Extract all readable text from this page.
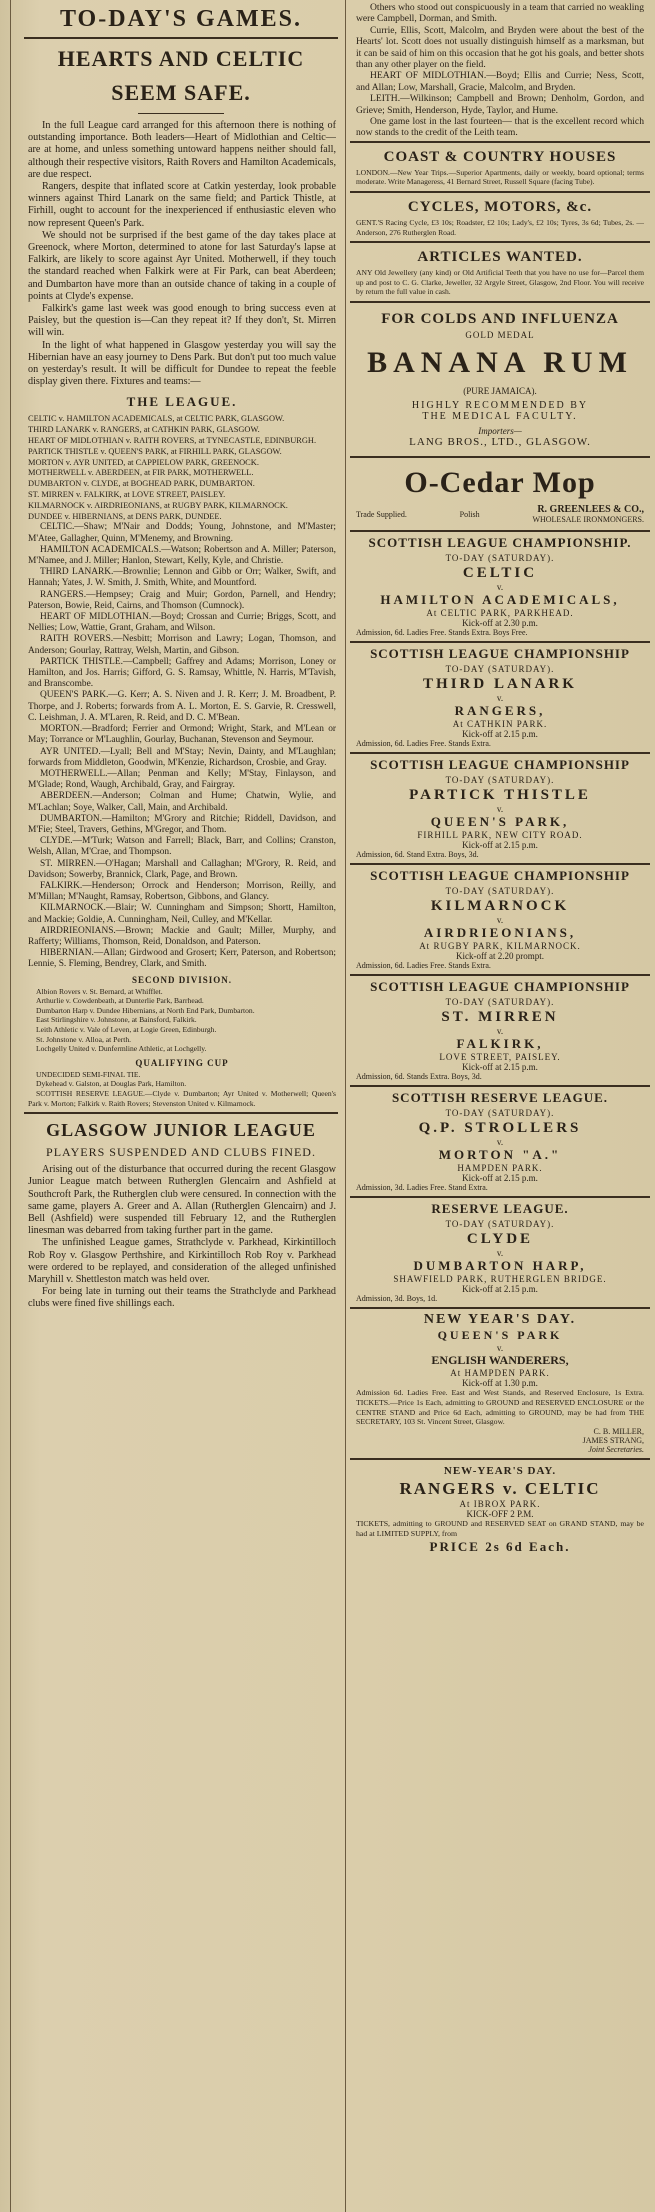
TO-DAY'S GAMES.
HEARTS AND CELTIC
SEEM SAFE.

In the full League card arranged for this afternoon there is nothing of outstanding importance. Both leaders—Heart of Midlothian and Celtic—are at home, and unless something untoward happens neither should fall, although their respective visitors, Raith Rovers and Hamilton Academicals, are due respect.

Rangers, despite that inflated score at Catkin yesterday, look probable winners against Third Lanark on the same field; and Partick Thistle, at Firhill, ought to account for the inexperienced if enthusiastic eleven who now represent Queen's Park.

We should not be surprised if the best game of the day takes place at Greenock, where Morton, determined to atone for last Saturday's lapse at Falkirk, are likely to score against Ayr United. Motherwell, if they touch the standard reached when Falkirk were at Fir Park, can beat Aberdeen; and Dumbarton have more than an outside chance of taking in a couple of points at Clyde's expense.

Falkirk's game last week was good enough to bring success even at Paisley, but the question is—Can they repeat it? If they don't, St. Mirren will win.

In the light of what happened in Glasgow yesterday you will say the Hibernian have an easy journey to Dens Park. But don't put too much value on yesterday's result. It will be difficult for Dundee to repeat the feeble display given there. Fixtures and teams:—

THE LEAGUE.

CELTIC v. HAMILTON ACADEMICALS, at CELTIC PARK, GLASGOW.

THIRD LANARK v. RANGERS, at CATHKIN PARK, GLASGOW.

HEART OF MIDLOTHIAN v. RAITH ROVERS, at TYNECASTLE, EDINBURGH.

PARTICK THISTLE v. QUEEN'S PARK, at FIRHILL PARK, GLASGOW.

MORTON v. AYR UNITED, at CAPPIELOW PARK, GREENOCK.

MOTHERWELL v. ABERDEEN, at FIR PARK, MOTHERWELL.

DUMBARTON v. CLYDE, at BOGHEAD PARK, DUMBARTON.

ST. MIRREN v. FALKIRK, at LOVE STREET, PAISLEY.

KILMARNOCK v. AIRDRIEONIANS, at RUGBY PARK, KILMARNOCK.

DUNDEE v. HIBERNIANS, at DENS PARK, DUNDEE.

CELTIC.—Shaw; M'Nair and Dodds; Young, Johnstone, and M'Master; M'Atee, Gallagher, Quinn, M'Menemy, and Browning.

HAMILTON ACADEMICALS.—Watson; Robertson and A. Miller; Paterson, M'Namee, and J. Miller; Hanlon, Stewart, Kelly, Kyle, and Christie.

THIRD LANARK.—Brownlie; Lennon and Gibb or Orr; Walker, Swift, and Hannah; Yates, J. W. Smith, J. Smith, White, and Mountford.

RANGERS.—Hempsey; Craig and Muir; Gordon, Parnell, and Hendry; Paterson, Bowie, Reid, Cairns, and Thomson (Cumnock).

HEART OF MIDLOTHIAN.—Boyd; Crossan and Currie; Briggs, Scott, and Nellies; Low, Wattie, Grant, Graham, and Wilson.

RAITH ROVERS.—Nesbitt; Morrison and Lawry; Logan, Thomson, and Anderson; Gourlay, Rattray, Welsh, Martin, and Gibson.

PARTICK THISTLE.—Campbell; Gaffrey and Adams; Morrison, Loney or Hamilton, and Jos. Harris; Gifford, G. S. Ramsay, Whittle, N. Harris, M'Tavish, and Branscombe.

QUEEN'S PARK.—G. Kerr; A. S. Niven and J. R. Kerr; J. M. Broadbent, P. Thorpe, and J. Roberts; forwards from A. L. Morton, E. S. Garvie, R. Cresswell, C. Leishman, J. A. M'Laren, R. Reid, and D. C. M'Bean.

MORTON.—Bradford; Ferrier and Ormond; Wright, Stark, and M'Lean or May; Torrance or M'Laughlin, Gourlay, Buchanan, Stevenson and Seymour.

AYR UNITED.—Lyall; Bell and M'Stay; Nevin, Dainty, and M'Laughlan; forwards from Middleton, Goodwin, M'Kenzie, Richardson, Crosbie, and Gray.

MOTHERWELL.—Allan; Penman and Kelly; M'Stay, Finlayson, and M'Glade; Rond, Waugh, Archibald, Gray, and Fairgray.

ABERDEEN.—Anderson; Colman and Hume; Chatwin, Wylie, and M'Lachlan; Soye, Walker, Call, Main, and Archibald.

DUMBARTON.—Hamilton; M'Grory and Ritchie; Riddell, Davidson, and M'Fie; Steel, Travers, Gethins, M'Gregor, and Thom.

CLYDE.—M'Turk; Watson and Farrell; Black, Barr, and Collins; Cranston, Welsh, Allan, M'Crae, and Thompson.

ST. MIRREN.—O'Hagan; Marshall and Callaghan; M'Grory, R. Reid, and Davidson; Sowerby, Brannick, Clark, Page, and Brown.

FALKIRK.—Henderson; Orrock and Henderson; Morrison, Reilly, and M'Millan; M'Naught, Ramsay, Robertson, Gibbons, and Glancy.

KILMARNOCK.—Blair; W. Cunningham and Simpson; Shortt, Hamilton, and Mackie; Goldie, A. Cunningham, Neil, Culley, and M'Kellar.

AIRDRIEONIANS.—Brown; Mackie and Gault; Miller, Murphy, and Rafferty; Williams, Thomson, Reid, Donaldson, and Paterson.

HIBERNIAN.—Allan; Girdwood and Grosert; Kerr, Paterson, and Robertson; Lennie, S. Fleming, Bendrey, Clark, and Smith.

SECOND DIVISION.

Albion Rovers v. St. Bernard, at Whifflet.

Arthurlie v. Cowdenbeath, at Dunterlie Park, Barrhead.

Dumbarton Harp v. Dundee Hibernians, at North End Park, Dumbarton.

East Stirlingshire v. Johnstone, at Bainsford, Falkirk.

Leith Athletic v. Vale of Leven, at Logie Green, Edinburgh.

St. Johnstone v. Alloa, at Perth.

Lochgelly United v. Dunfermline Athletic, at Lochgelly.

QUALIFYING CUP

UNDECIDED SEMI-FINAL TIE.

Dykehead v. Galston, at Douglas Park, Hamilton.

SCOTTISH RESERVE LEAGUE.—Clyde v. Dumbarton; Ayr United v. Motherwell; Queen's Park v. Morton; Falkirk v. Raith Rovers; Stevenston United v. Kilmarnock.

GLASGOW JUNIOR LEAGUE
PLAYERS SUSPENDED AND CLUBS FINED.

Arising out of the disturbance that occurred during the recent Glasgow Junior League match between Rutherglen Glencairn and Ashfield at Southcroft Park, the Rutherglen club were censured. In connection with the same game, players A. Greer and A. Allan (Rutherglen Glencairn) and J. Bell (Ashfield) were suspended till February 12, and the Rutherglen linesman was debarred from taking further part in the game.

The unfinished League games, Strathclyde v. Parkhead, Kirkintilloch Rob Roy v. Glasgow Perthshire, and Kirkintilloch Rob Roy v. Parkhead were ordered to be replayed, and consideration of the alleged unfinished Maryhill v. Shettleston match was held over.

For being late in turning out their teams the Strathclyde and Parkhead clubs were fined five shillings each.

Others who stood out conspicuously in a team that carried no weakling were Campbell, Dorman, and Smith.

Currie, Ellis, Scott, Malcolm, and Bryden were about the best of the Hearts' lot. Scott does not usually distinguish himself as a marksman, but it can be said of him on this occasion that he got his goals, and better shots than any other player on the field.

HEART OF MIDLOTHIAN.—Boyd; Ellis and Currie; Ness, Scott, and Allan; Low, Marshall, Gracie, Malcolm, and Bryden.

LEITH.—Wilkinson; Campbell and Brown; Denholm, Gordon, and Grieve; Smith, Henderson, Hyde, Taylor, and Hume.

One game lost in the last fourteen— that is the excellent record which now stands to the credit of the Leith team.

COAST & COUNTRY HOUSES
LONDON.—New Year Trips.—Superior Apartments, daily or weekly, board optional; terms moderate. Write Manageress, 41 Bernard Street, Russell Square (facing Tube).
CYCLES, MOTORS, &c.
GENT.'S Racing Cycle, £3 10s; Roadster, £2 10s; Lady's, £2 10s; Tyres, 3s 6d; Tubes, 2s. —Anderson, 276 Rutherglen Road.
ARTICLES WANTED.
ANY Old Jewellery (any kind) or Old Artificial Teeth that you have no use for—Parcel them up and post to C. G. Clarke, Jeweller, 32 Argyle Street, Glasgow, 2nd Floor. You will receive by return the full value in cash.
FOR COLDS AND INFLUENZA
GOLD MEDAL
BANANA RUM
(PURE JAMAICA).
HIGHLY RECOMMENDED BY
THE MEDICAL FACULTY.
Importers—
LANG BROS., LTD., GLASGOW.
O-Cedar Mop
Trade Supplied.	Polish	R. GREENLEES & CO.,
WHOLESALE IRONMONGERS.
SCOTTISH LEAGUE CHAMPIONSHIP.
TO-DAY (SATURDAY).
CELTIC
v.
HAMILTON ACADEMICALS,
At CELTIC PARK, PARKHEAD.
Kick-off at 2.30 p.m.
Admission, 6d. Ladies Free. Stands Extra. Boys Free.
SCOTTISH LEAGUE CHAMPIONSHIP
TO-DAY (SATURDAY).
THIRD LANARK
v.
RANGERS,
At CATHKIN PARK.
Kick-off at 2.15 p.m.
Admission, 6d. Ladies Free. Stands Extra.
SCOTTISH LEAGUE CHAMPIONSHIP
TO-DAY (SATURDAY).
PARTICK THISTLE
v.
QUEEN'S PARK,
FIRHILL PARK, NEW CITY ROAD.
Kick-off at 2.15 p.m.
Admission, 6d. Stand Extra. Boys, 3d.
SCOTTISH LEAGUE CHAMPIONSHIP
TO-DAY (SATURDAY).
KILMARNOCK
v.
AIRDRIEONIANS,
At RUGBY PARK, KILMARNOCK.
Kick-off at 2.20 prompt.
Admission, 6d. Ladies Free. Stands Extra.
SCOTTISH LEAGUE CHAMPIONSHIP
TO-DAY (SATURDAY).
ST. MIRREN
v.
FALKIRK,
LOVE STREET, PAISLEY.
Kick-off at 2.15 p.m.
Admission, 6d. Stands Extra. Boys, 3d.
SCOTTISH RESERVE LEAGUE.
TO-DAY (SATURDAY).
Q.P. STROLLERS
v.
MORTON "A."
HAMPDEN PARK.
Kick-off at 2.15 p.m.
Admission, 3d. Ladies Free. Stand Extra.
RESERVE LEAGUE.
TO-DAY (SATURDAY).
CLYDE
v.
DUMBARTON HARP,
SHAWFIELD PARK, RUTHERGLEN BRIDGE.
Kick-off at 2.15 p.m.
Admission, 3d. Boys, 1d.
NEW YEAR'S DAY.
QUEEN'S PARK
v.
ENGLISH WANDERERS,
At HAMPDEN PARK.
Kick-off at 1.30 p.m.
Admission 6d. Ladies Free. East and West Stands, and Reserved Enclosure, 1s Extra. TICKETS.—Price 1s Each, admitting to GROUND and RESERVED ENCLOSURE or the CENTRE STAND and Price 6d Each, admitting to GROUND, may be had from THE SECRETARY, 103 St. Vincent Street, Glasgow.
C. B. MILLER,
JAMES STRANG,
Joint Secretaries.
NEW-YEAR'S DAY.
RANGERS v. CELTIC
At IBROX PARK.
KICK-OFF 2 P.M.
TICKETS, admitting to GROUND and RESERVED SEAT on GRAND STAND, may be had at LIMITED SUPPLY, from
PRICE 2s 6d Each.
